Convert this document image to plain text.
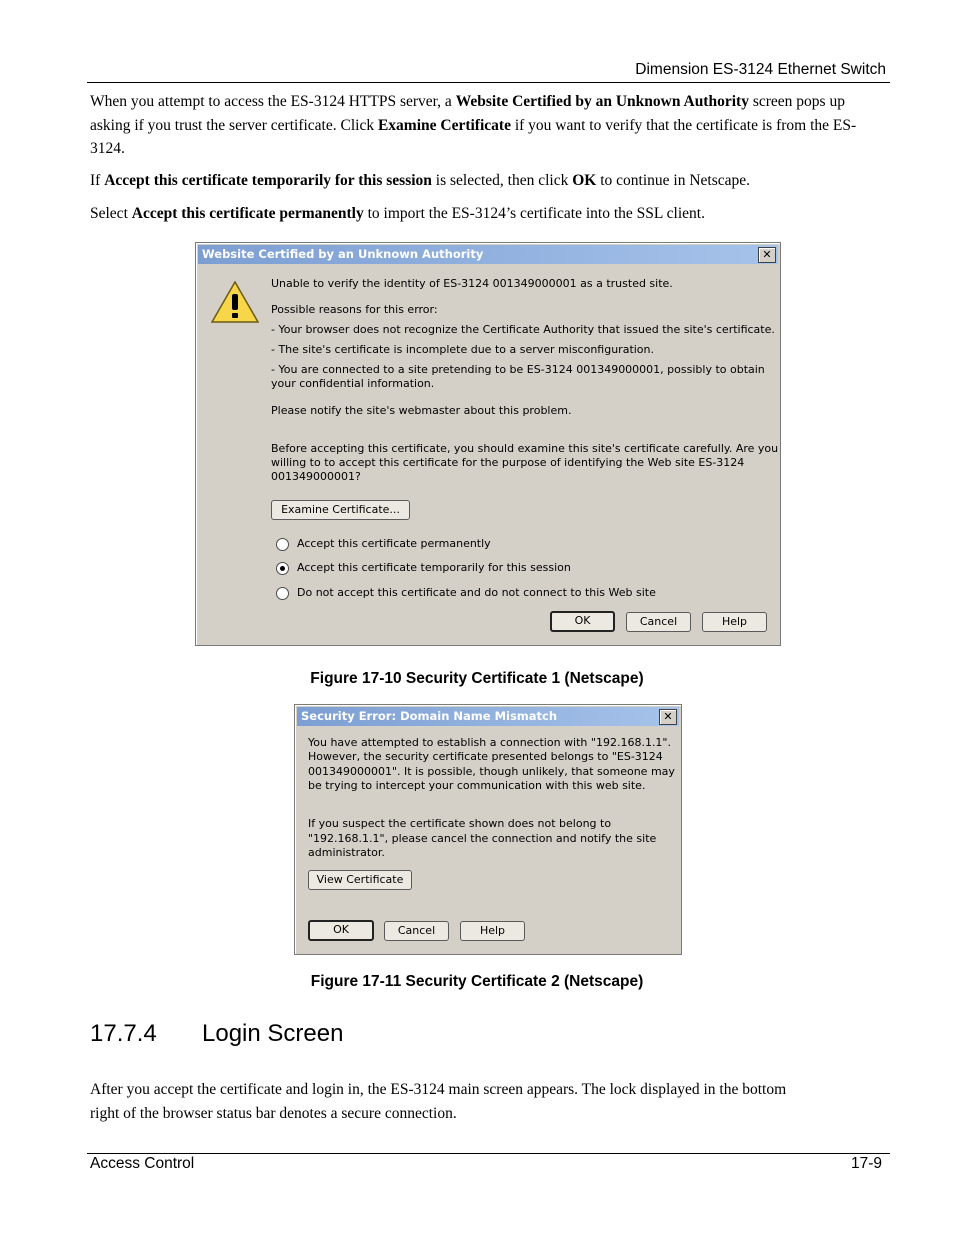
Dimension ES-3124 Ethernet Switch
When you attempt to access the ES-3124 HTTPS server, a Website Certified by an Unknown Authority screen pops up asking if you trust the server certificate. Click Examine Certificate if you want to verify that the certificate is from the ES-3124.
If Accept this certificate temporarily for this session is selected, then click OK to continue in Netscape.
Select Accept this certificate permanently to import the ES-3124’s certificate into the SSL client.
Website Certified by an Unknown Authority	✕
Unable to verify the identity of ES-3124 001349000001 as a trusted site.
Possible reasons for this error:
- Your browser does not recognize the Certificate Authority that issued the site's certificate.
- The site's certificate is incomplete due to a server misconfiguration.
- You are connected to a site pretending to be ES-3124 001349000001, possibly to obtain
your confidential information.
Please notify the site's webmaster about this problem.
Before accepting this certificate, you should examine this site's certificate carefully. Are you
willing to to accept this certificate for the purpose of identifying the Web site ES-3124
001349000001?
Examine Certificate...
Accept this certificate permanently
Accept this certificate temporarily for this session
Do not accept this certificate and do not connect to this Web site
OK	Cancel	Help
Figure 17-10 Security Certificate 1 (Netscape)
Security Error: Domain Name Mismatch	✕
You have attempted to establish a connection with "192.168.1.1".
However, the security certificate presented belongs to "ES-3124
001349000001". It is possible, though unlikely, that someone may
be trying to intercept your communication with this web site.
If you suspect the certificate shown does not belong to
"192.168.1.1", please cancel the connection and notify the site
administrator.
View Certificate
OK	Cancel	Help
Figure 17-11 Security Certificate 2 (Netscape)
17.7.4 Login Screen
After you accept the certificate and login in, the ES-3124 main screen appears. The lock displayed in the bottom
right of the browser status bar denotes a secure connection.
Access Control	17-9
